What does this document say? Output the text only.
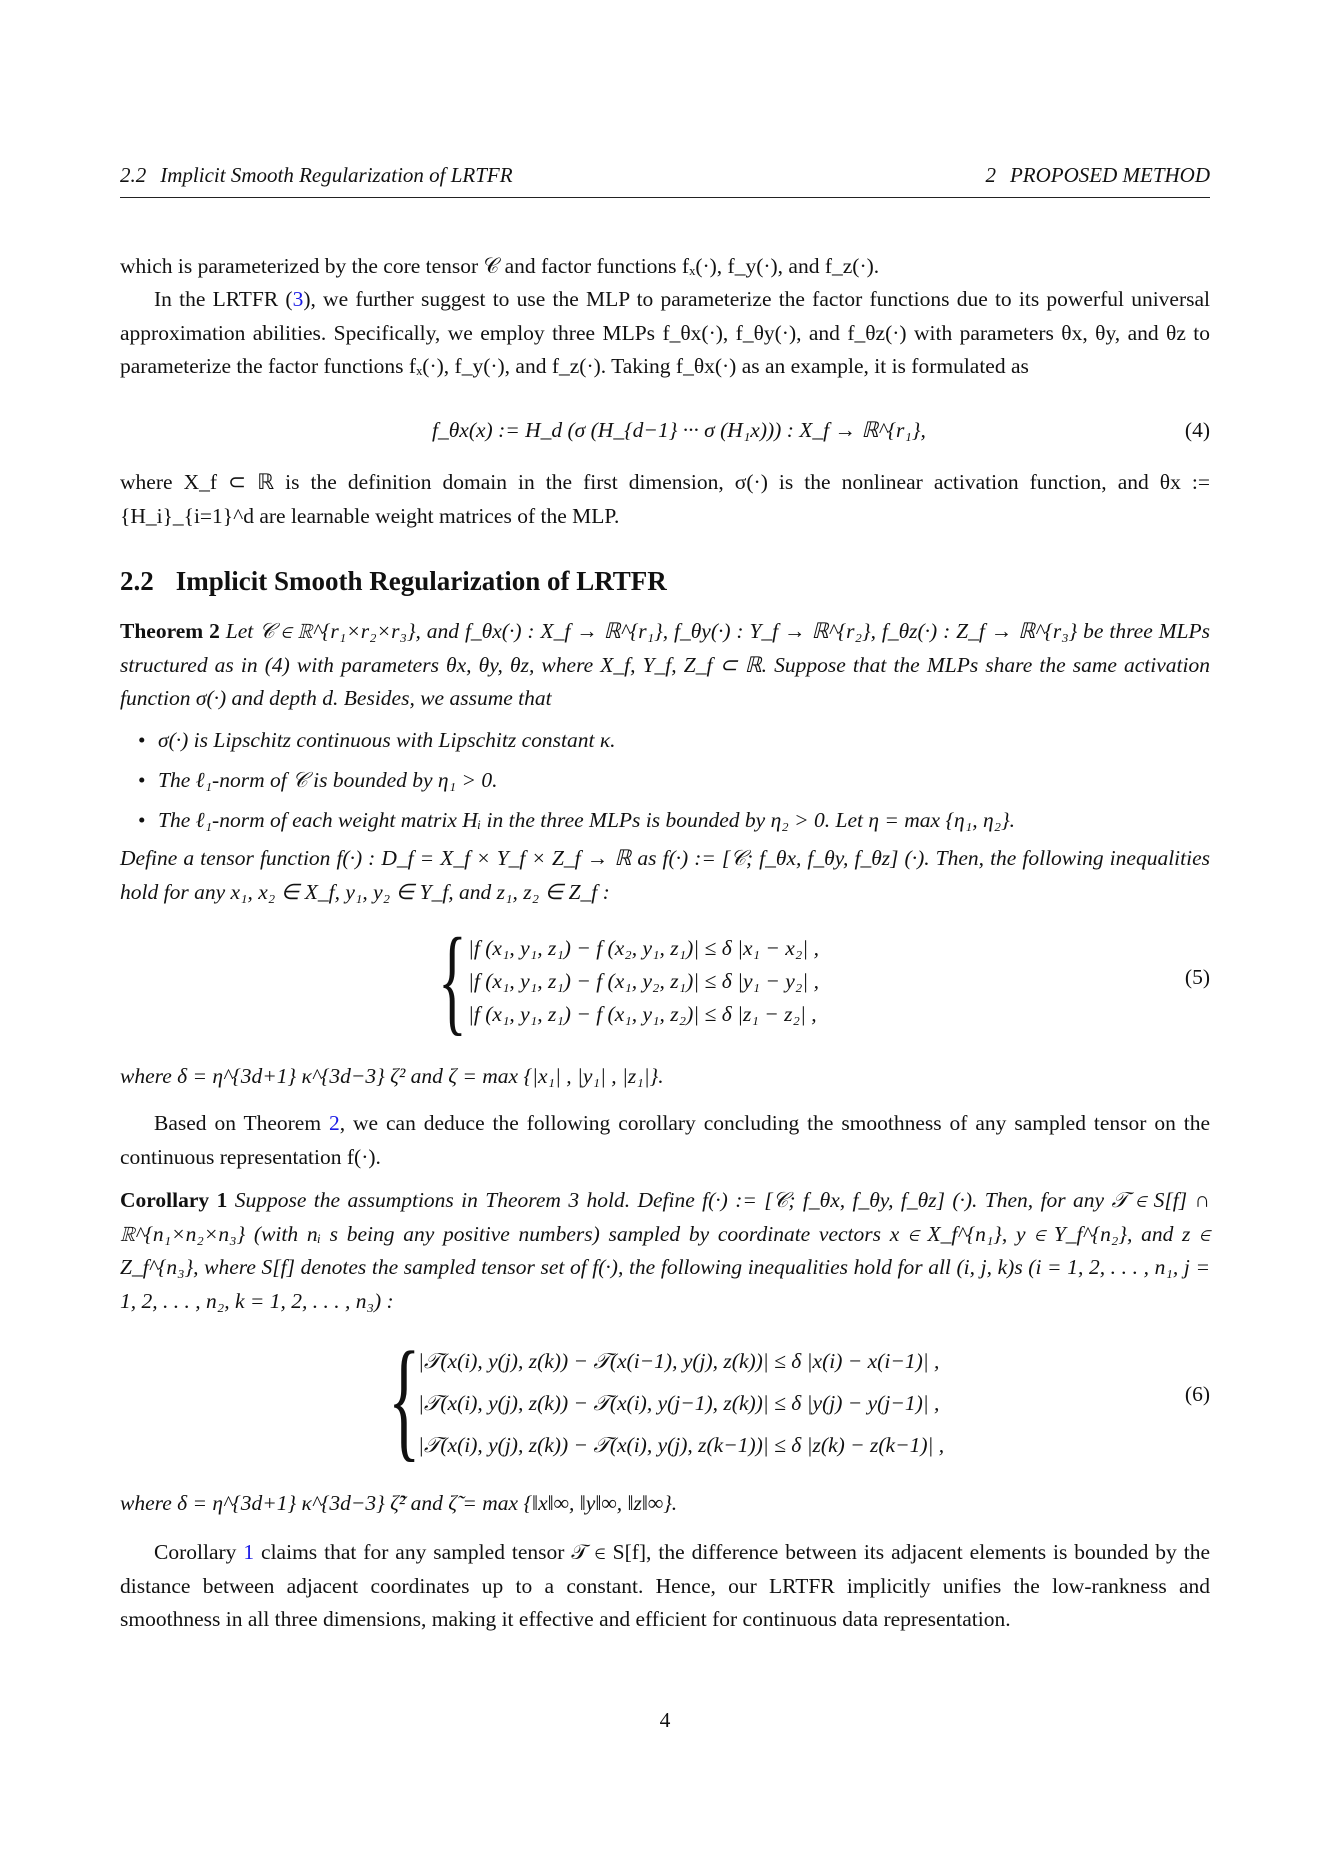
2.2 Implicit Smooth Regularization of LRTFR	2 PROPOSED METHOD
which is parameterized by the core tensor 𝒞 and factor functions fₓ(·), f_y(·), and f_z(·).
In the LRTFR (3), we further suggest to use the MLP to parameterize the factor functions due to its powerful universal approximation abilities. Specifically, we employ three MLPs f_θx(·), f_θy(·), and f_θz(·) with parameters θx, θy, and θz to parameterize the factor functions fₓ(·), f_y(·), and f_z(·). Taking f_θx(·) as an example, it is formulated as
f_θx(x) := H_d (σ (H_{d−1} ··· σ (H₁x))) : X_f → ℝ^{r₁},	(4)
where X_f ⊂ ℝ is the definition domain in the first dimension, σ(·) is the nonlinear activation function, and θx := {H_i}_{i=1}^d are learnable weight matrices of the MLP.
2.2 Implicit Smooth Regularization of LRTFR
Theorem 2 Let 𝒞 ∈ ℝ^{r₁×r₂×r₃}, and f_θx(·) : X_f → ℝ^{r₁}, f_θy(·) : Y_f → ℝ^{r₂}, f_θz(·) : Z_f → ℝ^{r₃} be three MLPs structured as in (4) with parameters θx, θy, θz, where X_f, Y_f, Z_f ⊂ ℝ. Suppose that the MLPs share the same activation function σ(·) and depth d. Besides, we assume that
• σ(·) is Lipschitz continuous with Lipschitz constant κ.
• The ℓ₁-norm of 𝒞 is bounded by η₁ > 0.
• The ℓ₁-norm of each weight matrix Hᵢ in the three MLPs is bounded by η₂ > 0. Let η = max {η₁, η₂}.
Define a tensor function f(·) : D_f = X_f × Y_f × Z_f → ℝ as f(·) := [𝒞; f_θx, f_θy, f_θz] (·). Then, the following inequalities hold for any x₁, x₂ ∈ X_f, y₁, y₂ ∈ Y_f, and z₁, z₂ ∈ Z_f :
{ |f (x₁, y₁, z₁) − f (x₂, y₁, z₁)| ≤ δ |x₁ − x₂| ,
|f (x₁, y₁, z₁) − f (x₁, y₂, z₁)| ≤ δ |y₁ − y₂| ,
|f (x₁, y₁, z₁) − f (x₁, y₁, z₂)| ≤ δ |z₁ − z₂| ,
(5)
where δ = η^{3d+1} κ^{3d−3} ζ² and ζ = max {|x₁| , |y₁| , |z₁|}.
Based on Theorem 2, we can deduce the following corollary concluding the smoothness of any sampled tensor on the continuous representation f(·).
Corollary 1 Suppose the assumptions in Theorem 3 hold. Define f(·) := [𝒞; f_θx, f_θy, f_θz] (·). Then, for any 𝒯 ∈ S[f] ∩ ℝ^{n₁×n₂×n₃} (with nᵢ s being any positive numbers) sampled by coordinate vectors x ∈ X_f^{n₁}, y ∈ Y_f^{n₂}, and z ∈ Z_f^{n₃}, where S[f] denotes the sampled tensor set of f(·), the following inequalities hold for all (i, j, k)s (i = 1, 2, . . . , n₁, j = 1, 2, . . . , n₂, k = 1, 2, . . . , n₃) :
{
|𝒯(x(i), y(j), z(k)) − 𝒯(x(i−1), y(j), z(k))| ≤ δ |x(i) − x(i−1)| ,
|𝒯(x(i), y(j), z(k)) − 𝒯(x(i), y(j−1), z(k))| ≤ δ |y(j) − y(j−1)| ,
|𝒯(x(i), y(j), z(k)) − 𝒯(x(i), y(j), z(k−1))| ≤ δ |z(k) − z(k−1)| ,
(6)
where δ = η^{3d+1} κ^{3d−3} ζ̃² and ζ̃ = max {‖x‖∞, ‖y‖∞, ‖z‖∞}.
Corollary 1 claims that for any sampled tensor 𝒯 ∈ S[f], the difference between its adjacent elements is bounded by the distance between adjacent coordinates up to a constant. Hence, our LRTFR implicitly unifies the low-rankness and smoothness in all three dimensions, making it effective and efficient for continuous data representation.
4
